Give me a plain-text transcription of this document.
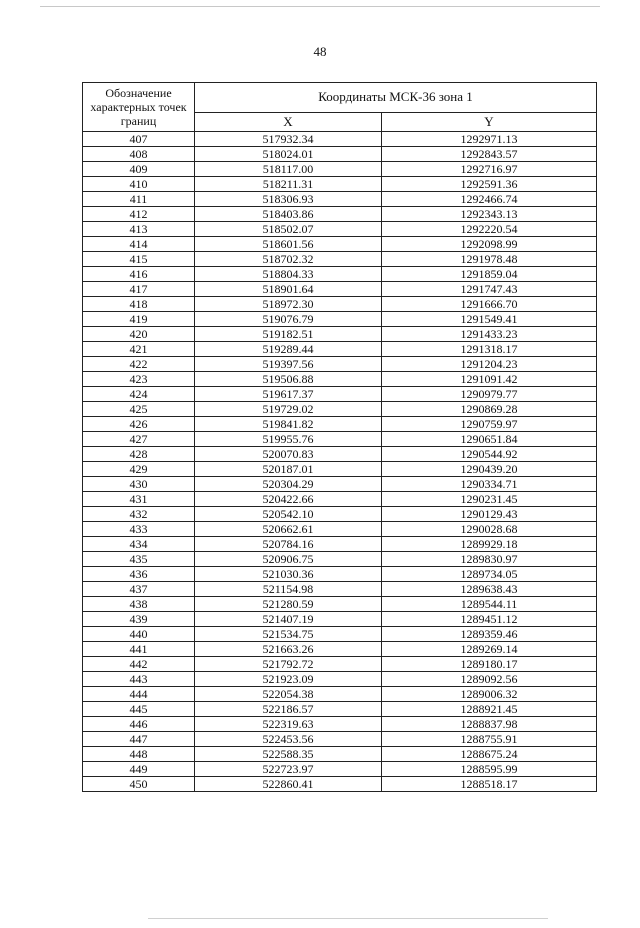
48
Обозначение характерных точек границ	Координаты МСК-36 зона 1	
	X	Y
407	517932.34	1292971.13
408	518024.01	1292843.57
409	518117.00	1292716.97
410	518211.31	1292591.36
411	518306.93	1292466.74
412	518403.86	1292343.13
413	518502.07	1292220.54
414	518601.56	1292098.99
415	518702.32	1291978.48
416	518804.33	1291859.04
417	518901.64	1291747.43
418	518972.30	1291666.70
419	519076.79	1291549.41
420	519182.51	1291433.23
421	519289.44	1291318.17
422	519397.56	1291204.23
423	519506.88	1291091.42
424	519617.37	1290979.77
425	519729.02	1290869.28
426	519841.82	1290759.97
427	519955.76	1290651.84
428	520070.83	1290544.92
429	520187.01	1290439.20
430	520304.29	1290334.71
431	520422.66	1290231.45
432	520542.10	1290129.43
433	520662.61	1290028.68
434	520784.16	1289929.18
435	520906.75	1289830.97
436	521030.36	1289734.05
437	521154.98	1289638.43
438	521280.59	1289544.11
439	521407.19	1289451.12
440	521534.75	1289359.46
441	521663.26	1289269.14
442	521792.72	1289180.17
443	521923.09	1289092.56
444	522054.38	1289006.32
445	522186.57	1288921.45
446	522319.63	1288837.98
447	522453.56	1288755.91
448	522588.35	1288675.24
449	522723.97	1288595.99
450	522860.41	1288518.17
